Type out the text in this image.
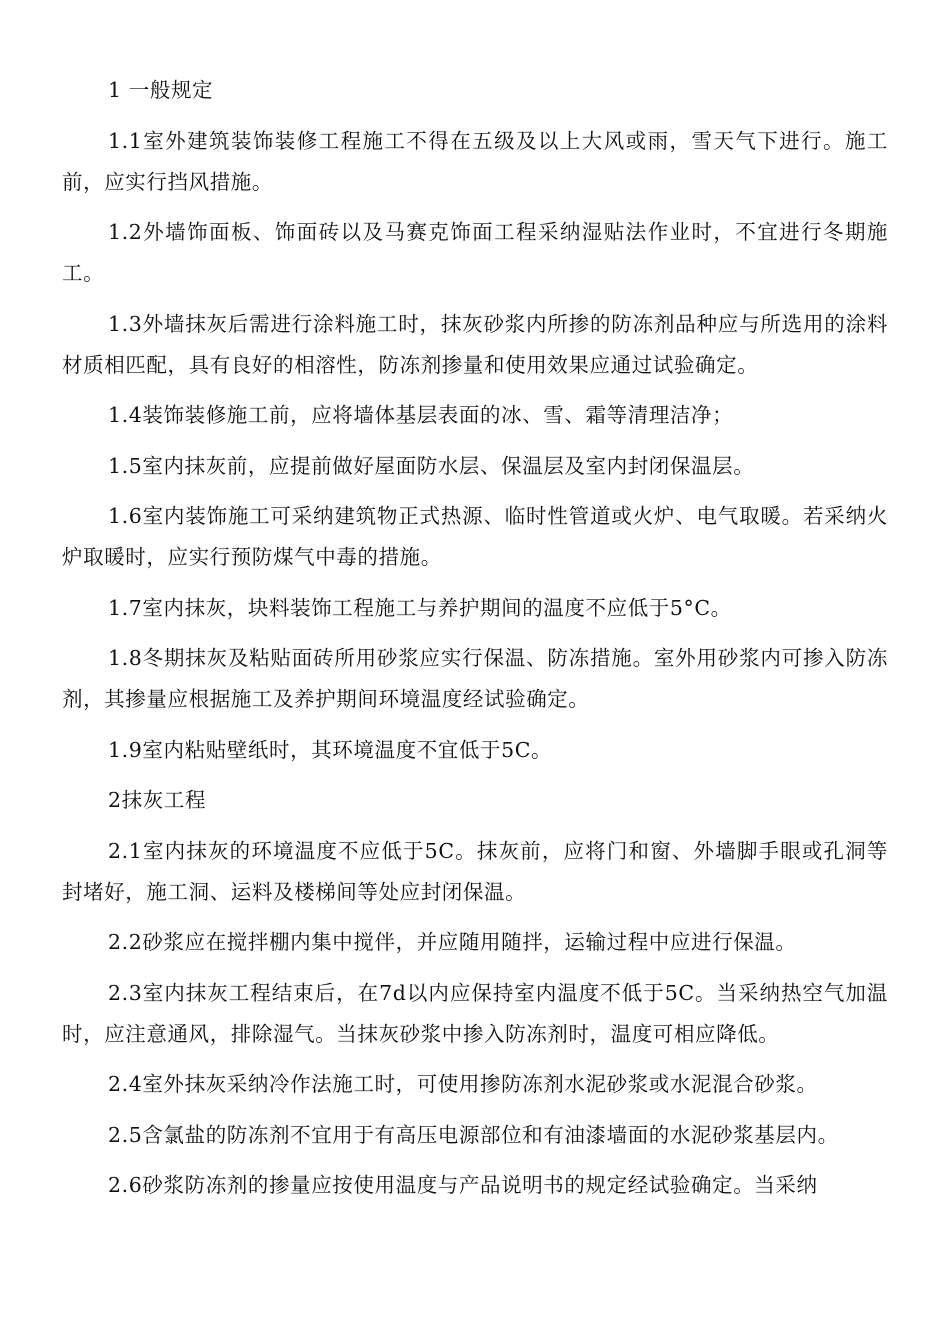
1 一般规定

1.1室外建筑装饰装修工程施工不得在五级及以上大风或雨，雪天气下进行。施工前，应实行挡风措施。

1.2外墙饰面板、饰面砖以及马赛克饰面工程采纳湿贴法作业时，不宜进行冬期施工。

1.3外墙抹灰后需进行涂料施工时，抹灰砂浆内所掺的防冻剂品种应与所选用的涂料材质相匹配，具有良好的相溶性，防冻剂掺量和使用效果应通过试验确定。

1.4装饰装修施工前，应将墙体基层表面的冰、雪、霜等清理洁净；

1.5室内抹灰前，应提前做好屋面防水层、保温层及室内封闭保温层。

1.6室内装饰施工可采纳建筑物正式热源、临时性管道或火炉、电气取暖。若采纳火炉取暖时，应实行预防煤气中毒的措施。

1.7室内抹灰，块料装饰工程施工与养护期间的温度不应低于5°C。

1.8冬期抹灰及粘贴面砖所用砂浆应实行保温、防冻措施。室外用砂浆内可掺入防冻剂，其掺量应根据施工及养护期间环境温度经试验确定。

1.9室内粘贴壁纸时，其环境温度不宜低于5C。

2抹灰工程

2.1室内抹灰的环境温度不应低于5C。抹灰前，应将门和窗、外墙脚手眼或孔洞等封堵好，施工洞、运料及楼梯间等处应封闭保温。

2.2砂浆应在搅拌棚内集中搅伴，并应随用随拌，运输过程中应进行保温。

2.3室内抹灰工程结束后，在7d以内应保持室内温度不低于5C。当采纳热空气加温时，应注意通风，排除湿气。当抹灰砂浆中掺入防冻剂时，温度可相应降低。

2.4室外抹灰采纳冷作法施工时，可使用掺防冻剂水泥砂浆或水泥混合砂浆。

2.5含氯盐的防冻剂不宜用于有高压电源部位和有油漆墙面的水泥砂浆基层内。

2.6砂浆防冻剂的掺量应按使用温度与产品说明书的规定经试验确定。当采纳
